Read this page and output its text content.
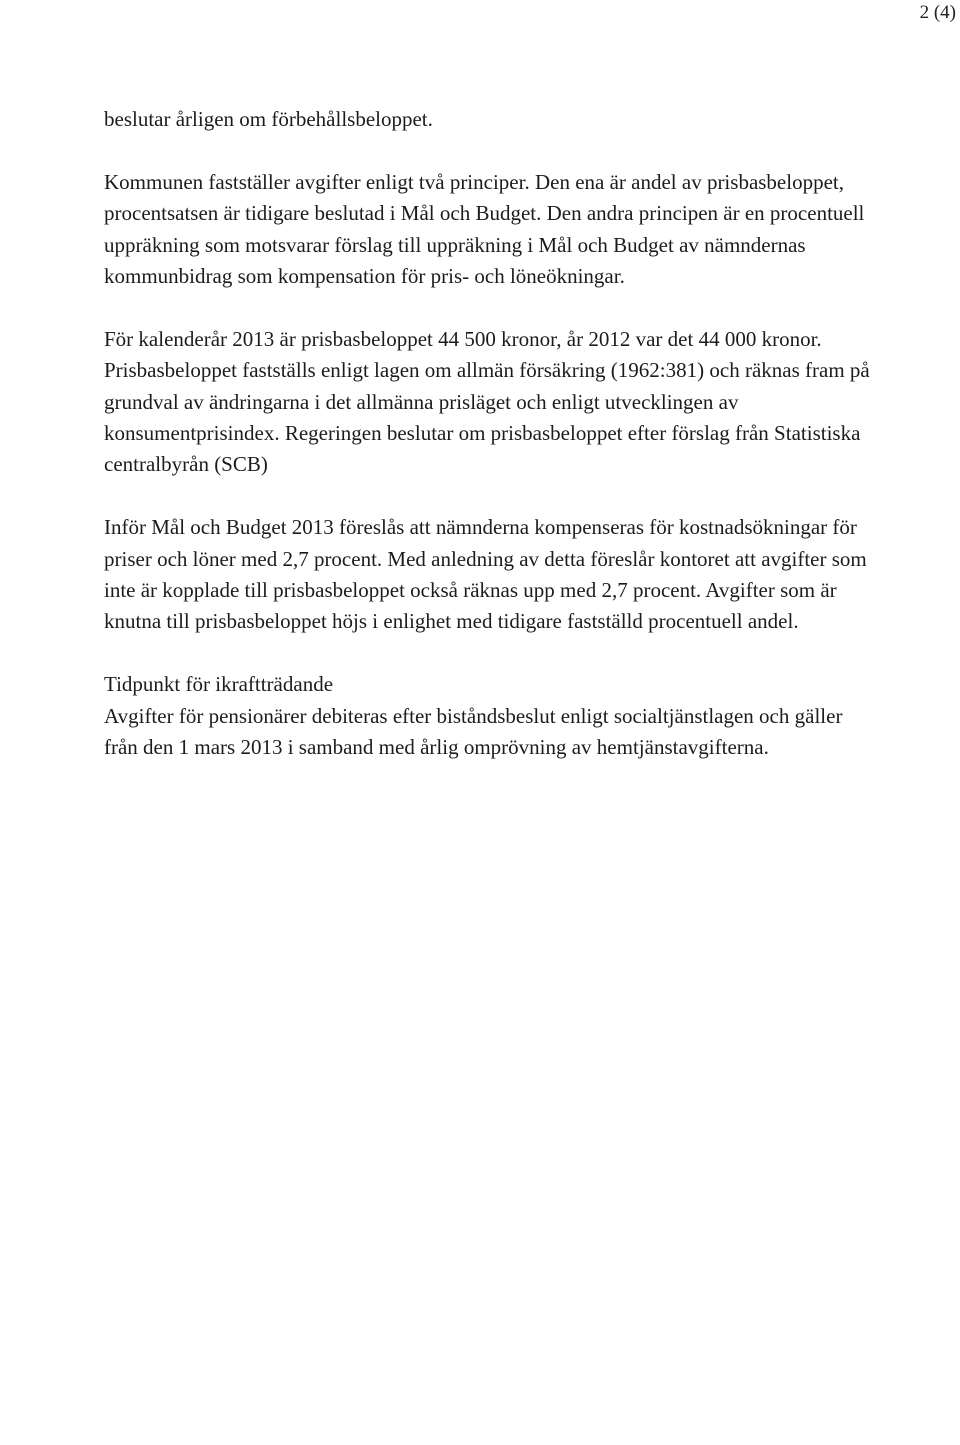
2 (4)

beslutar årligen om förbehållsbeloppet.

Kommunen fastställer avgifter enligt två principer. Den ena är andel av prisbasbeloppet,
procentsatsen är tidigare beslutad i Mål och Budget. Den andra principen är en procentuell
uppräkning som motsvarar förslag till uppräkning i Mål och Budget av nämndernas
kommunbidrag som kompensation för pris- och löneökningar.

För kalenderår 2013 är prisbasbeloppet 44 500 kronor, år 2012 var det 44 000 kronor.
Prisbasbeloppet fastställs enligt lagen om allmän försäkring (1962:381) och räknas fram på
grundval av ändringarna i det allmänna prisläget och enligt utvecklingen av
konsumentprisindex. Regeringen beslutar om prisbasbeloppet efter förslag från Statistiska
centralbyrån (SCB)

Inför Mål och Budget 2013 föreslås att nämnderna kompenseras för kostnadsökningar för
priser och löner med 2,7 procent. Med anledning av detta föreslår kontoret att avgifter som
inte är kopplade till prisbasbeloppet också räknas upp med 2,7 procent. Avgifter som är
knutna till prisbasbeloppet höjs i enlighet med tidigare fastställd procentuell andel.

Tidpunkt för ikraftträdande
Avgifter för pensionärer debiteras efter biståndsbeslut enligt socialtjänstlagen och gäller
från den 1 mars 2013 i samband med årlig omprövning av hemtjänstavgifterna.
